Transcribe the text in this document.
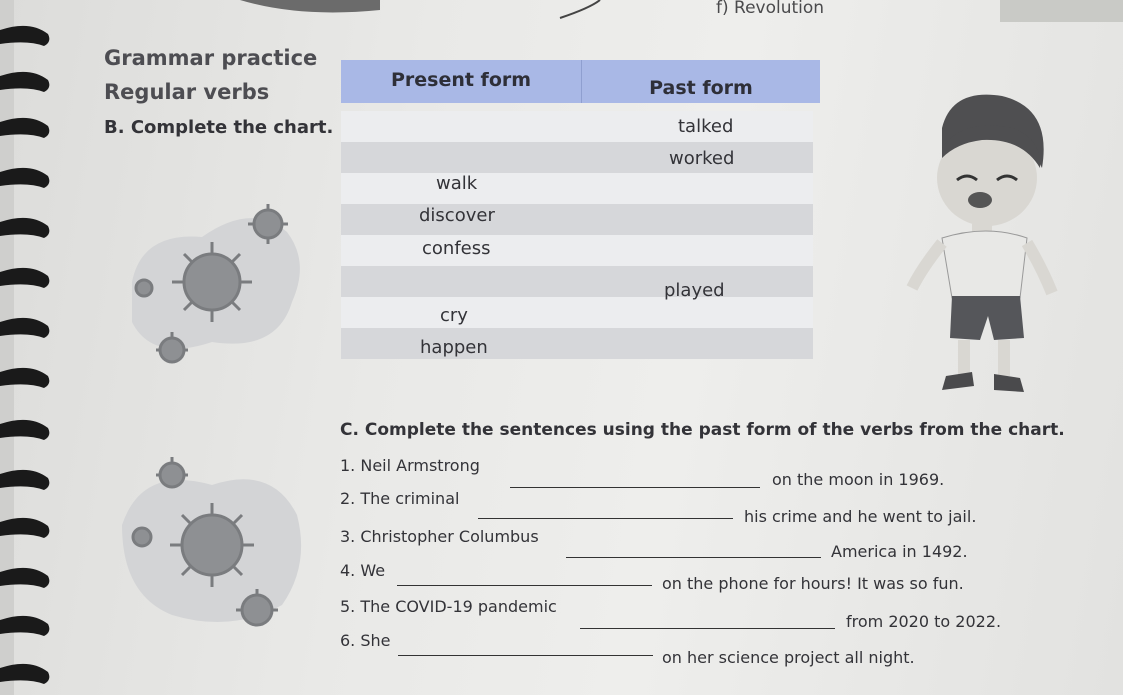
f) Revolution
Grammar practice
Regular verbs
B. Complete the chart.
Present form	Past form
talked
worked
walk
discover
confess
played
cry
happen
C. Complete the sentences using the past form of the verbs from the chart.
1. Neil Armstrong
on the moon in 1969.
2. The criminal
his crime and he went to jail.
3. Christopher Columbus
America in 1492.
4. We
on the phone for hours! It was so fun.
5. The COVID-19 pandemic
from 2020 to 2022.
6. She
on her science project all night.
